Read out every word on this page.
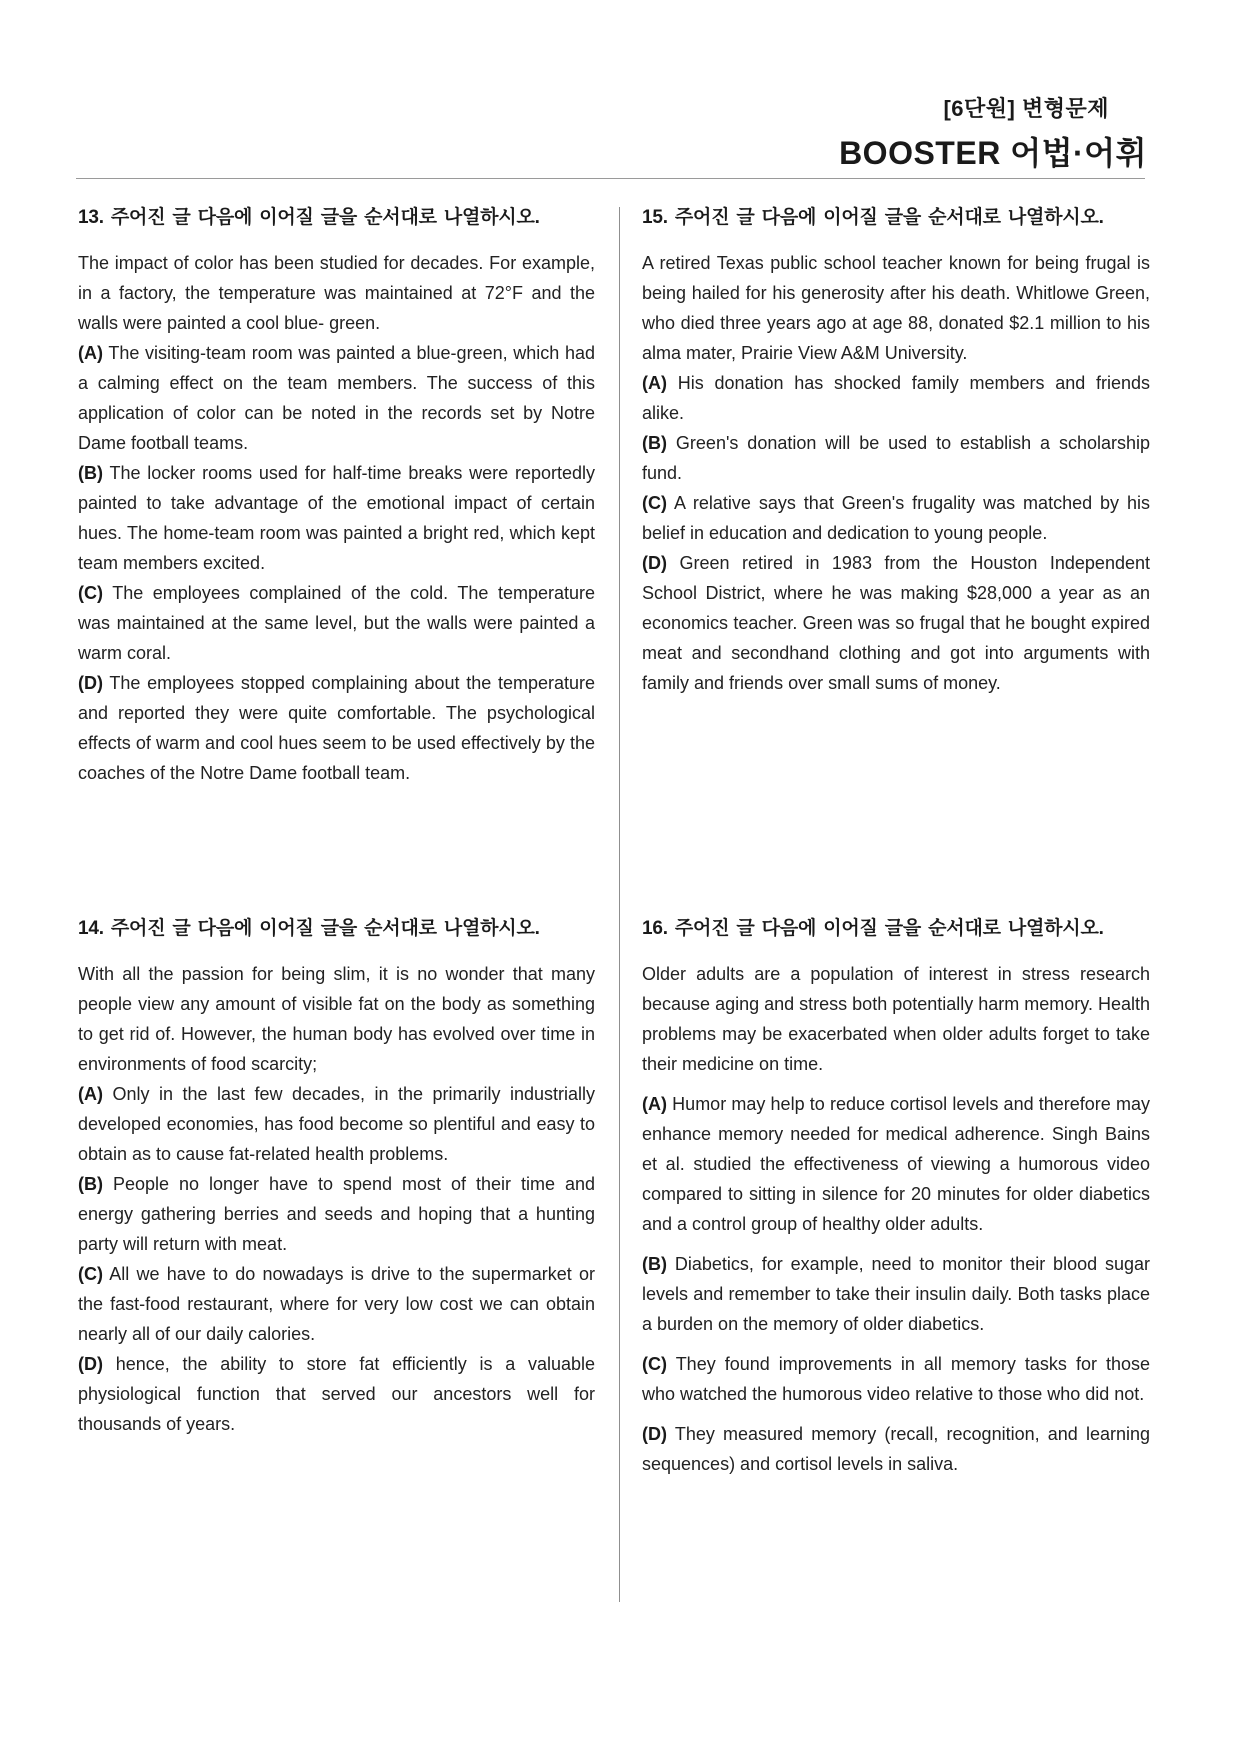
[6단원] 변형문제
BOOSTER 어법·어휘
13. 주어진 글 다음에 이어질 글을 순서대로 나열하시오.

The impact of color has been studied for decades. For example, in a factory, the temperature was maintained at 72°F and the walls were painted a cool blue- green.

(A) The visiting-team room was painted a blue-green, which had a calming effect on the team members. The success of this application of color can be noted in the records set by Notre Dame football teams.

(B) The locker rooms used for half-time breaks were reportedly painted to take advantage of the emotional impact of certain hues. The home-team room was painted a bright red, which kept team members excited.

(C) The employees complained of the cold. The temperature was maintained at the same level, but the walls were painted a warm coral.

(D) The employees stopped complaining about the temperature and reported they were quite comfortable. The psychological effects of warm and cool hues seem to be used effectively by the coaches of the Notre Dame football team.

14. 주어진 글 다음에 이어질 글을 순서대로 나열하시오.

With all the passion for being slim, it is no wonder that many people view any amount of visible fat on the body as something to get rid of. However, the human body has evolved over time in environments of food scarcity;

(A) Only in the last few decades, in the primarily industrially developed economies, has food become so plentiful and easy to obtain as to cause fat-related health problems.

(B) People no longer have to spend most of their time and energy gathering berries and seeds and hoping that a hunting party will return with meat.

(C) All we have to do nowadays is drive to the supermarket or the fast-food restaurant, where for very low cost we can obtain nearly all of our daily calories.

(D) hence, the ability to store fat efficiently is a valuable physiological function that served our ancestors well for thousands of years.

15. 주어진 글 다음에 이어질 글을 순서대로 나열하시오.

A retired Texas public school teacher known for being frugal is being hailed for his generosity after his death. Whitlowe Green, who died three years ago at age 88, donated $2.1 million to his alma mater, Prairie View A&M University.

(A) His donation has shocked family members and friends alike.

(B) Green's donation will be used to establish a scholarship fund.

(C) A relative says that Green's frugality was matched by his belief in education and dedication to young people.

(D) Green retired in 1983 from the Houston Independent School District, where he was making $28,000 a year as an economics teacher. Green was so frugal that he bought expired meat and secondhand clothing and got into arguments with family and friends over small sums of money.

16. 주어진 글 다음에 이어질 글을 순서대로 나열하시오.

Older adults are a population of interest in stress research because aging and stress both potentially harm memory. Health problems may be exacerbated when older adults forget to take their medicine on time.

(A) Humor may help to reduce cortisol levels and therefore may enhance memory needed for medical adherence. Singh Bains et al. studied the effectiveness of viewing a humorous video compared to sitting in silence for 20 minutes for older diabetics and a control group of healthy older adults.

(B) Diabetics, for example, need to monitor their blood sugar levels and remember to take their insulin daily. Both tasks place a burden on the memory of older diabetics.

(C) They found improvements in all memory tasks for those who watched the humorous video relative to those who did not.

(D) They measured memory (recall, recognition, and learning sequences) and cortisol levels in saliva.
